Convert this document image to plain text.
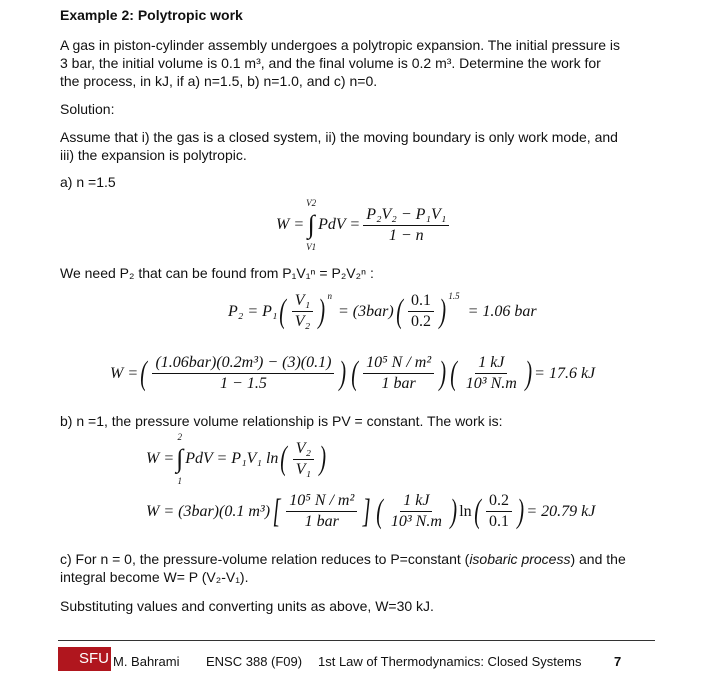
Example 2: Polytropic work
A gas in piston-cylinder assembly undergoes a polytropic expansion. The initial pressure is
3 bar, the initial volume is 0.1 m³, and the final volume is 0.2 m³. Determine the work for
the process, in kJ, if a) n=1.5, b) n=1.0, and c) n=0.
Solution:
Assume that i) the gas is a closed system, ii) the moving boundary is only work mode, and
iii) the expansion is polytropic.
a) n =1.5
W =
V2
∫
V1
PdV = $\frac{\text{P₂V₂ − P₁V₁}}{1 - n}$
We need P₂ that can be found from P₁V₁ⁿ = P₂V₂ⁿ :
P₂ = P₁ ( $\frac{\text{V₁}}{\text{V₂}}$ ) $^n$
= (3bar) ( $\frac{0.1}{0.2}$ ) $^{1.5}$
= 1.06 bar
W = ( $\frac{\text{(1.06bar)(0.2m³) − (3)(0.1)}}{1 - 1.5}$ ) ( $\frac{\text{10⁵ N / m²}}{\text{1 bar}}$ ) ( $\frac{1 kJ}{\text{10³ N.m}}$ ) = 17.6 kJ
b) n =1, the pressure volume relationship is PV = constant. The work is:
W =
2
∫
1
PdV = P₁V₁ ln ( $\frac{\text{V₂}}{\text{V₁}}$ )
W = (3bar)(0.1 m³) [ $\frac{\text{10⁵ N / m²}}{\text{1 bar}}$ ] ( $\frac{1 kJ}{\text{10³ N.m}}$ ) ln ( $\frac{0.2}{0.1}$ ) = 20.79 kJ
c) For n = 0, the pressure-volume relation reduces to P=constant (isobaric process) and the
integral become W= P (V₂-V₁).
Substituting values and converting units as above, W=30 kJ.
SFU M. Bahrami ENSC 388 (F09) 1st Law of Thermodynamics: Closed Systems	7
